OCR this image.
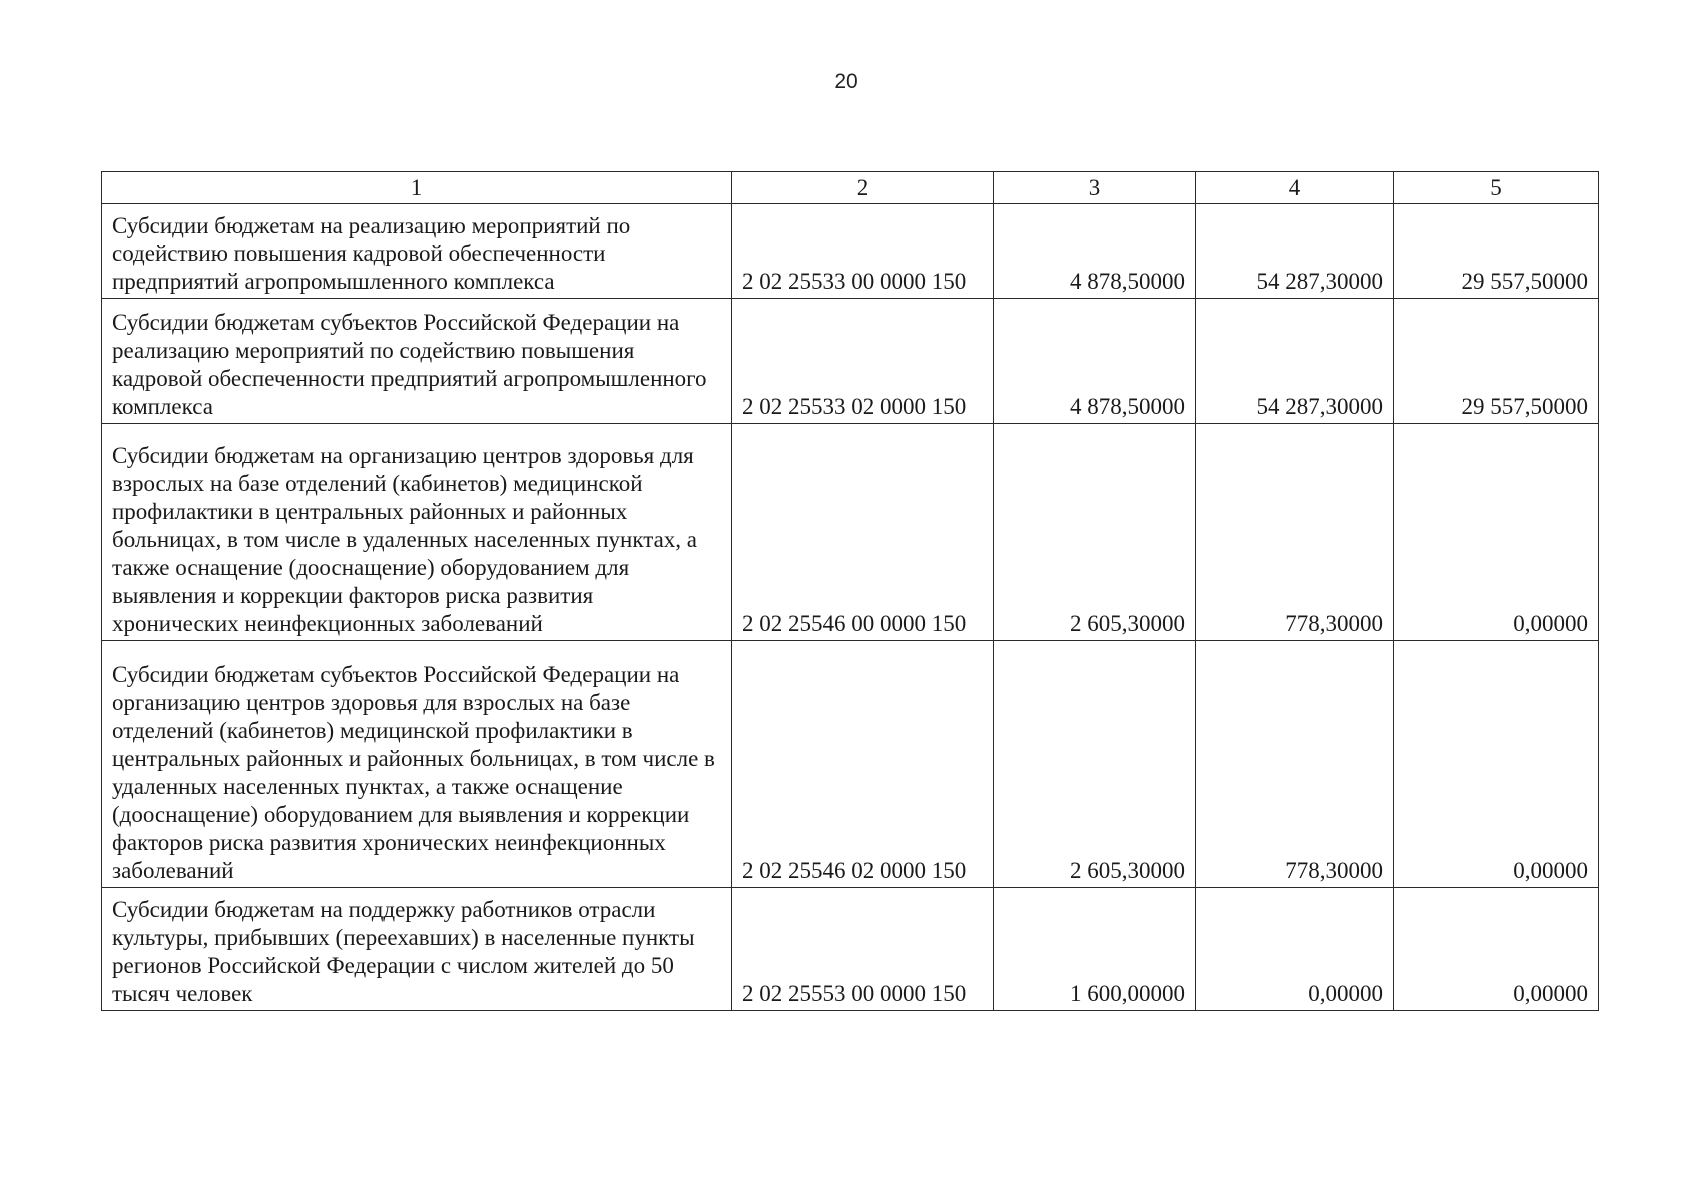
20
1	2	3	4	5
Субсидии бюджетам на реализацию мероприятий по содействию повышения кадровой обеспеченности предприятий агропромышленного комплекса	2 02 25533 00 0000 150	4 878,50000	54 287,30000	29 557,50000
Субсидии бюджетам субъектов Российской Федерации на реализацию мероприятий по содействию повышения кадровой обеспеченности предприятий агропромышленного комплекса	2 02 25533 02 0000 150	4 878,50000	54 287,30000	29 557,50000
Субсидии бюджетам на организацию центров здоровья для взрослых на базе отделений (кабинетов) медицинской профилактики в центральных районных и районных больницах, в том числе в удаленных населенных пунктах, а также оснащение (дооснащение) оборудованием для выявления и коррекции факторов риска развития хронических неинфекционных заболеваний	2 02 25546 00 0000 150	2 605,30000	778,30000	0,00000
Субсидии бюджетам субъектов Российской Федерации на организацию центров здоровья для взрослых на базе отделений (кабинетов) медицинской профилактики в центральных районных и районных больницах, в том числе в удаленных населенных пунктах, а также оснащение (дооснащение) оборудованием для выявления и коррекции факторов риска развития хронических неинфекционных заболеваний	2 02 25546 02 0000 150	2 605,30000	778,30000	0,00000
Субсидии бюджетам на поддержку работников отрасли культуры, прибывших (переехавших) в населенные пункты регионов Российской Федерации с числом жителей до 50 тысяч человек	2 02 25553 00 0000 150	1 600,00000	0,00000	0,00000
